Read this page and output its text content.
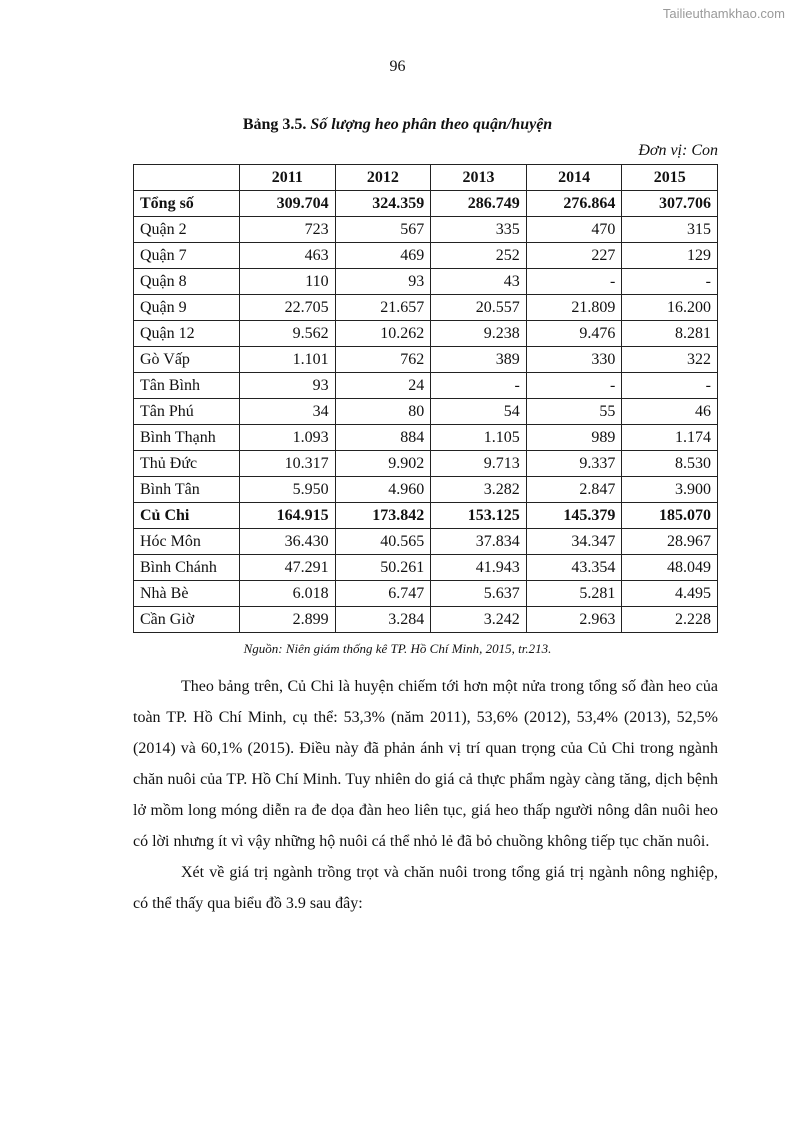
Tailieuthamkhao.com
96
Bảng 3.5. Số lượng heo phân theo quận/huyện
Đơn vị: Con
	2011	2012	2013	2014	2015
Tổng số	309.704	324.359	286.749	276.864	307.706
Quận 2	723	567	335	470	315
Quận 7	463	469	252	227	129
Quận 8	110	93	43	-	-
Quận 9	22.705	21.657	20.557	21.809	16.200
Quận 12	9.562	10.262	9.238	9.476	8.281
Gò Vấp	1.101	762	389	330	322
Tân Bình	93	24	-	-	-
Tân Phú	34	80	54	55	46
Bình Thạnh	1.093	884	1.105	989	1.174
Thủ Đức	10.317	9.902	9.713	9.337	8.530
Bình Tân	5.950	4.960	3.282	2.847	3.900
Củ Chi	164.915	173.842	153.125	145.379	185.070
Hóc Môn	36.430	40.565	37.834	34.347	28.967
Bình Chánh	47.291	50.261	41.943	43.354	48.049
Nhà Bè	6.018	6.747	5.637	5.281	4.495
Cần Giờ	2.899	3.284	3.242	2.963	2.228
Nguồn: Niên giám thống kê TP. Hồ Chí Minh, 2015, tr.213.

Theo bảng trên, Củ Chi là huyện chiếm tới hơn một nửa trong tổng số đàn heo của toàn TP. Hồ Chí Minh, cụ thể: 53,3% (năm 2011), 53,6% (2012), 53,4% (2013), 52,5% (2014) và 60,1% (2015). Điều này đã phản ánh vị trí quan trọng của Củ Chi trong ngành chăn nuôi của TP. Hồ Chí Minh. Tuy nhiên do giá cả thực phẩm ngày càng tăng, dịch bệnh lở mồm long móng diễn ra đe dọa đàn heo liên tục, giá heo thấp người nông dân nuôi heo có lời nhưng ít vì vậy những hộ nuôi cá thể nhỏ lẻ đã bỏ chuồng không tiếp tục chăn nuôi.

Xét về giá trị ngành trồng trọt và chăn nuôi trong tổng giá trị ngành nông nghiệp, có thể thấy qua biểu đồ 3.9 sau đây:
